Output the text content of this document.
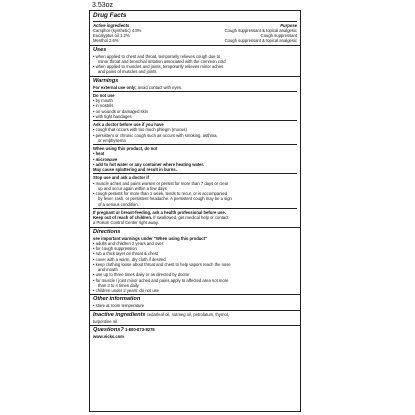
3.53oz
Drug Facts
Active ingredients	Purpose
Camphor (synthetic) 4.8%	Cough suppressant & topical analgesic
Eucalyptus oil 1.2%	Cough suppressant
Menthol 2.6%	Cough suppressant & topical analgesic
Uses
• when applied to chest and throat, temporarily relieves cough due to
minor throat and bronchial irritation associated with the common cold
• when applied to muscles and joints, temporarily relieves minor aches
and pains of muscles and joints
Warnings
For external use only; avoid contact with eyes.
Do not use
• by mouth
• in nostrils
• on wounds or damaged skin
• with tight bandages
Ask a doctor before use if you have
• cough that occurs with too much phlegm (mucus)
• persistent or chronic cough such as occurs with smoking, asthma,
or emphysema
When using this product, do not
• heat
• microwave
• add to hot water or any container where heating water.
May cause splattering and result in burns.
Stop use and ask a doctor if
• muscle aches and pains worsen or persist for more than 7 days or clear
up and occur again within a few days
• cough persists for more than 1 week, tends to recur, or is accompanied
by fever, rash, or persistent headache. A persistent cough may be a sign
of a serious condition.
If pregnant or breast-feeding, ask a health professional before use.
Keep out of reach of children. If swallowed, get medical help or contact
a Poison Control Center right away.
Directions
see important warnings under "When using this product"
• adults and children 2 years and over:
• for cough suppression
• rub a thick layer on throat & chest
• cover with a warm, dry cloth if desired
• keep clothing loose about throat and chest to help vapors reach the nose
and mouth
• use up to three times daily or as directed by doctor
• for muscle / joint minor aches and pains apply to affected area not more
than 3 to 4 times daily
• children under 2 years: do not use
Other information
• store at room temperature
Inactive ingredients cedarleaf oil, nutmeg oil, petrolatum, thymol,
turpentine oil
Questions? 1-800-873-8276
www.vicks.com
